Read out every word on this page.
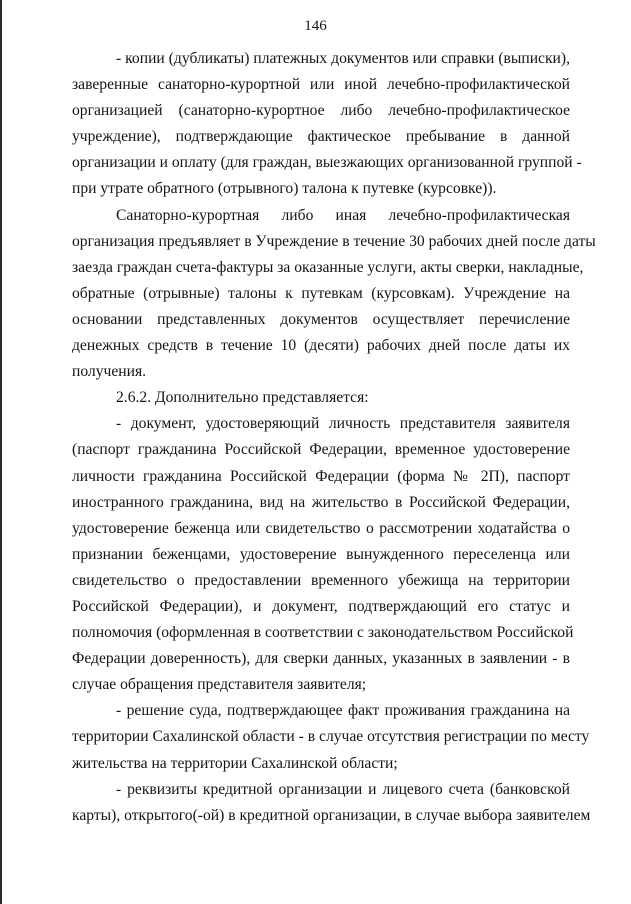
146
- копии (дубликаты) платежных документов или справки (выписки),
заверенные санаторно-курортной или иной лечебно-профилактической
организацией (санаторно-курортное либо лечебно-профилактическое
учреждение), подтверждающие фактическое пребывание в данной
организации и оплату (для граждан, выезжающих организованной группой -
при утрате обратного (отрывного) талона к путевке (курсовке)).
Санаторно-курортная либо иная лечебно-профилактическая
организация предъявляет в Учреждение в течение 30 рабочих дней после даты
заезда граждан счета-фактуры за оказанные услуги, акты сверки, накладные,
обратные (отрывные) талоны к путевкам (курсовкам). Учреждение на
основании представленных документов осуществляет перечисление
денежных средств в течение 10 (десяти) рабочих дней после даты их
получения.
2.6.2. Дополнительно представляется:
- документ, удостоверяющий личность представителя заявителя
(паспорт гражданина Российской Федерации, временное удостоверение
личности гражданина Российской Федерации (форма № 2П), паспорт
иностранного гражданина, вид на жительство в Российской Федерации,
удостоверение беженца или свидетельство о рассмотрении ходатайства о
признании беженцами, удостоверение вынужденного переселенца или
свидетельство о предоставлении временного убежища на территории
Российской Федерации), и документ, подтверждающий его статус и
полномочия (оформленная в соответствии с законодательством Российской
Федерации доверенность), для сверки данных, указанных в заявлении - в
случае обращения представителя заявителя;
- решение суда, подтверждающее факт проживания гражданина на
территории Сахалинской области - в случае отсутствия регистрации по месту
жительства на территории Сахалинской области;
- реквизиты кредитной организации и лицевого счета (банковской
карты), открытого(-ой) в кредитной организации, в случае выбора заявителем
